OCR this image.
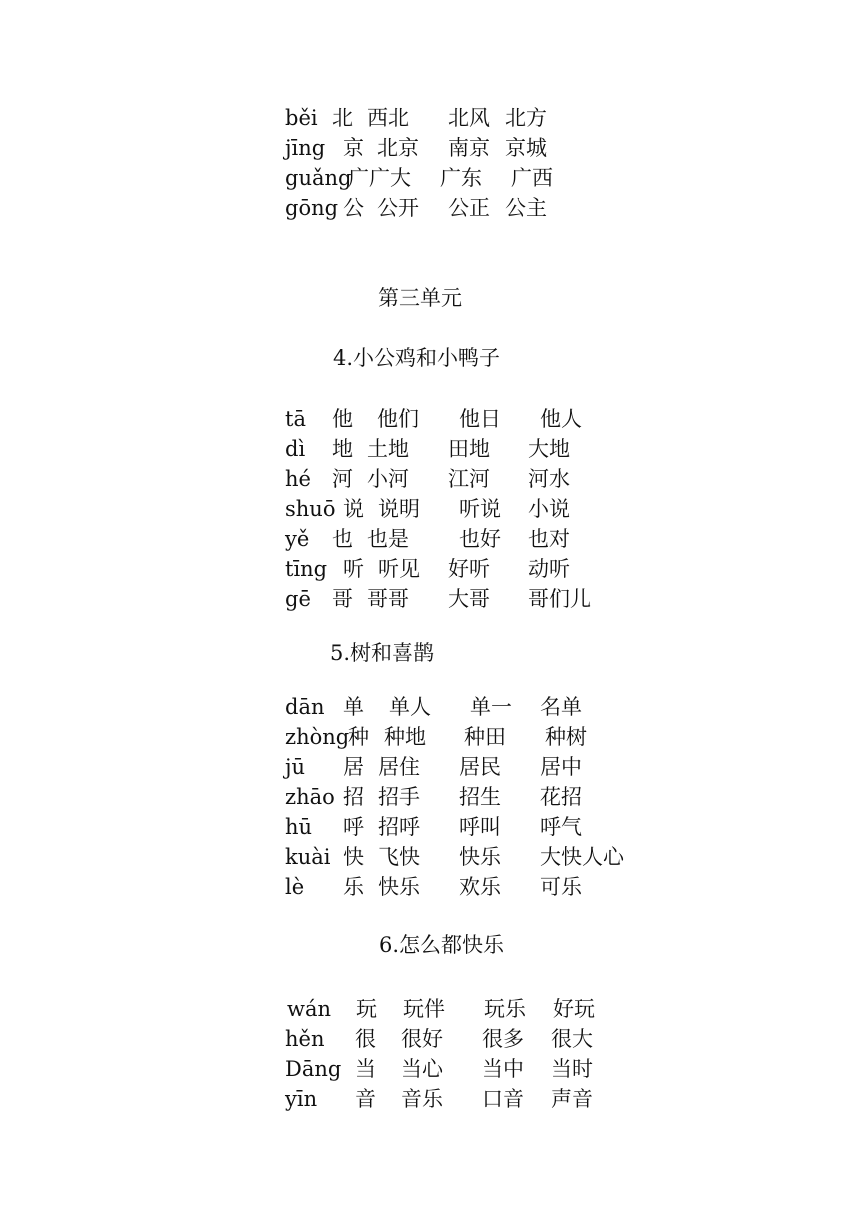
běi 北 西北 北风 北方
jīng 京 北京 南京 京城
guǎng
广 广大 广东 广西
gōng 公 公开 公正 公主
第三单元
4.小公鸡和小鸭子
tā 他 他们 他日 他人
dì 地 土地 田地 大地
hé 河 小河 江河 河水
shuō 说 说明 听说 小说
yě 也 也是 也好 也对
tīng 听 听见 好听 动听
gē 哥 哥哥 大哥 哥们儿
5.树和喜鹊
dān 单 单人 单一 名单
zhòng
种 种地 种田 种树
jū 居 居住 居民 居中
zhāo 招 招手 招生 花招
hū 呼 招呼 呼叫 呼气
kuài 快 飞快 快乐 大快人心
lè 乐 快乐 欢乐 可乐
6.怎么都快乐
wán 玩 玩伴 玩乐 好玩
hěn 很 很好 很多 很大
Dāng 当 当心 当中 当时
yīn 音 音乐 口音 声音
